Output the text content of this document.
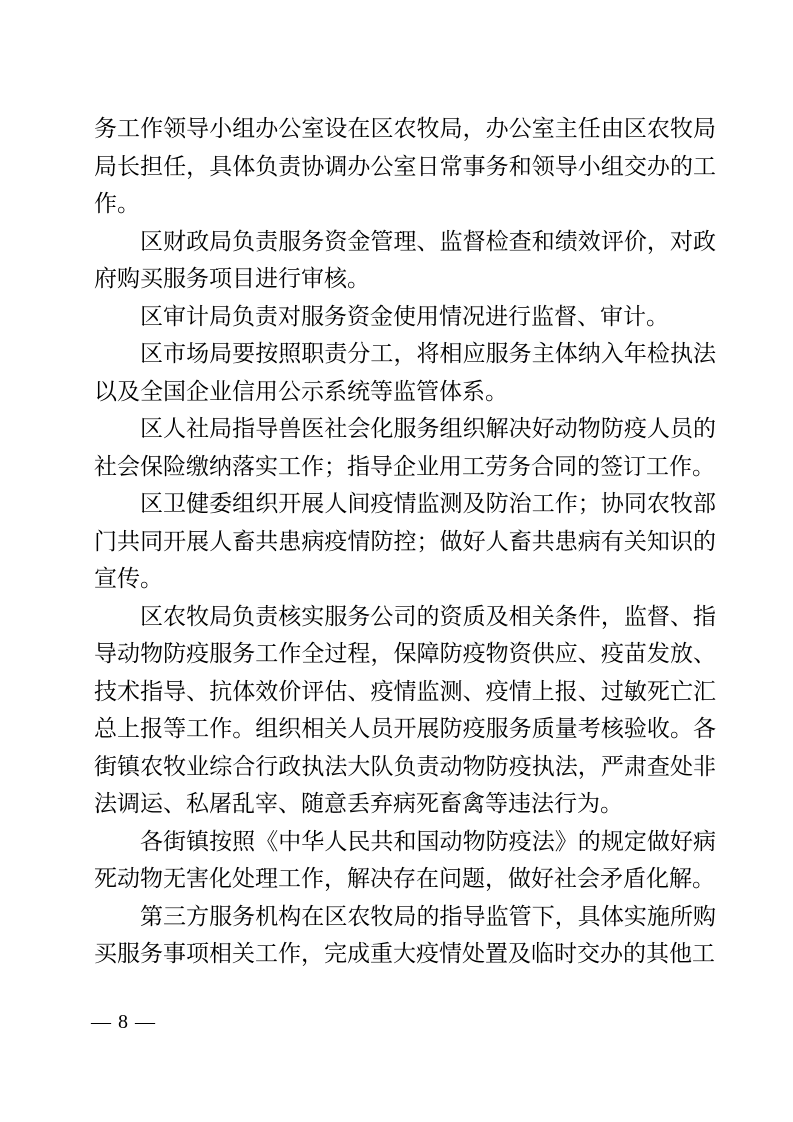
务工作领导小组办公室设在区农牧局，办公室主任由区农牧局局长担任，具体负责协调办公室日常事务和领导小组交办的工作。

区财政局负责服务资金管理、监督检查和绩效评价，对政府购买服务项目进行审核。

区审计局负责对服务资金使用情况进行监督、审计。

区市场局要按照职责分工，将相应服务主体纳入年检执法以及全国企业信用公示系统等监管体系。

区人社局指导兽医社会化服务组织解决好动物防疫人员的社会保险缴纳落实工作；指导企业用工劳务合同的签订工作。

区卫健委组织开展人间疫情监测及防治工作；协同农牧部门共同开展人畜共患病疫情防控；做好人畜共患病有关知识的宣传。

区农牧局负责核实服务公司的资质及相关条件，监督、指导动物防疫服务工作全过程，保障防疫物资供应、疫苗发放、技术指导、抗体效价评估、疫情监测、疫情上报、过敏死亡汇总上报等工作。组织相关人员开展防疫服务质量考核验收。各街镇农牧业综合行政执法大队负责动物防疫执法，严肃查处非法调运、私屠乱宰、随意丢弃病死畜禽等违法行为。

各街镇按照《中华人民共和国动物防疫法》的规定做好病死动物无害化处理工作，解决存在问题，做好社会矛盾化解。

第三方服务机构在区农牧局的指导监管下，具体实施所购买服务事项相关工作，完成重大疫情处置及临时交办的其他工

— 8 —
